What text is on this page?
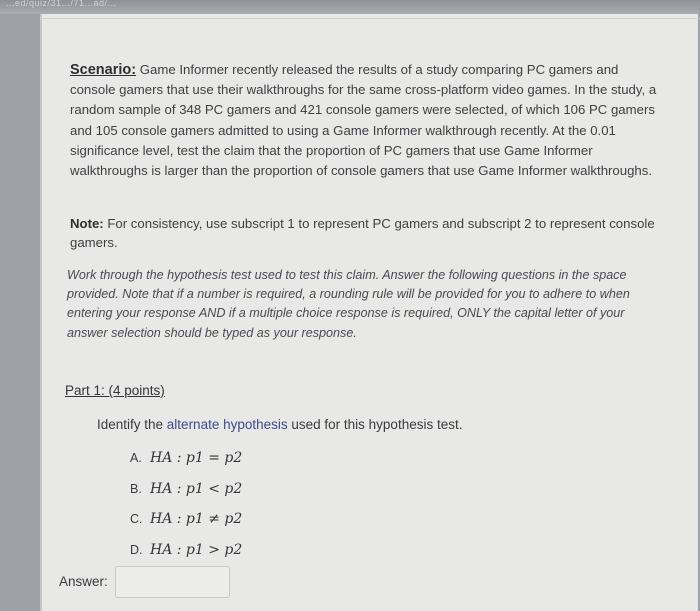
...ed/quiz/31.../71...ad/...
Scenario: Game Informer recently released the results of a study comparing PC gamers and console gamers that use their walkthroughs for the same cross-platform video games. In the study, a random sample of 348 PC gamers and 421 console gamers were selected, of which 106 PC gamers and 105 console gamers admitted to using a Game Informer walkthrough recently. At the 0.01 significance level, test the claim that the proportion of PC gamers that use Game Informer walkthroughs is larger than the proportion of console gamers that use Game Informer walkthroughs.
Note: For consistency, use subscript 1 to represent PC gamers and subscript 2 to represent console gamers.
Work through the hypothesis test used to test this claim. Answer the following questions in the space provided. Note that if a number is required, a rounding rule will be provided for you to adhere to when entering your response AND if a multiple choice response is required, ONLY the capital letter of your answer selection should be typed as your response.
Part 1: (4 points)
Identify the alternate hypothesis used for this hypothesis test.
A. HA : p1 = p2
B. HA : p1 < p2
C. HA : p1 ≠ p2
D. HA : p1 > p2
Answer:
